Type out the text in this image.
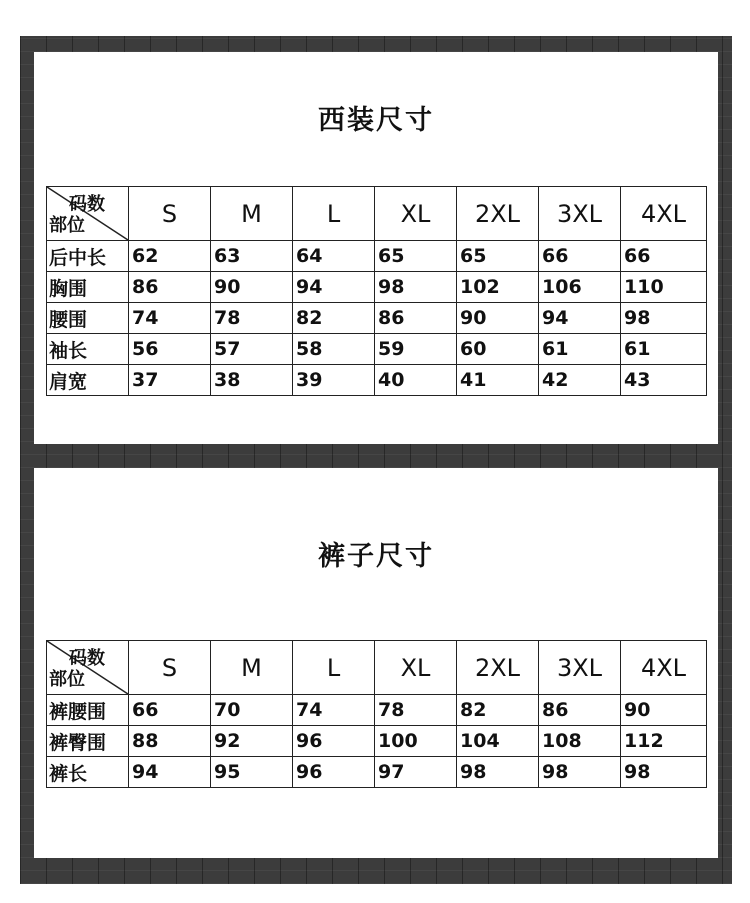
西装尺寸
码数
部位	S	M	L	XL	2XL	3XL	4XL
后中长	62	63	64	65	65	66	66
胸围	86	90	94	98	102	106	110
腰围	74	78	82	86	90	94	98
袖长	56	57	58	59	60	61	61
肩宽	37	38	39	40	41	42	43
裤子尺寸
码数
部位	S	M	L	XL	2XL	3XL	4XL
裤腰围	66	70	74	78	82	86	90
裤臀围	88	92	96	100	104	108	112
裤长	94	95	96	97	98	98	98
